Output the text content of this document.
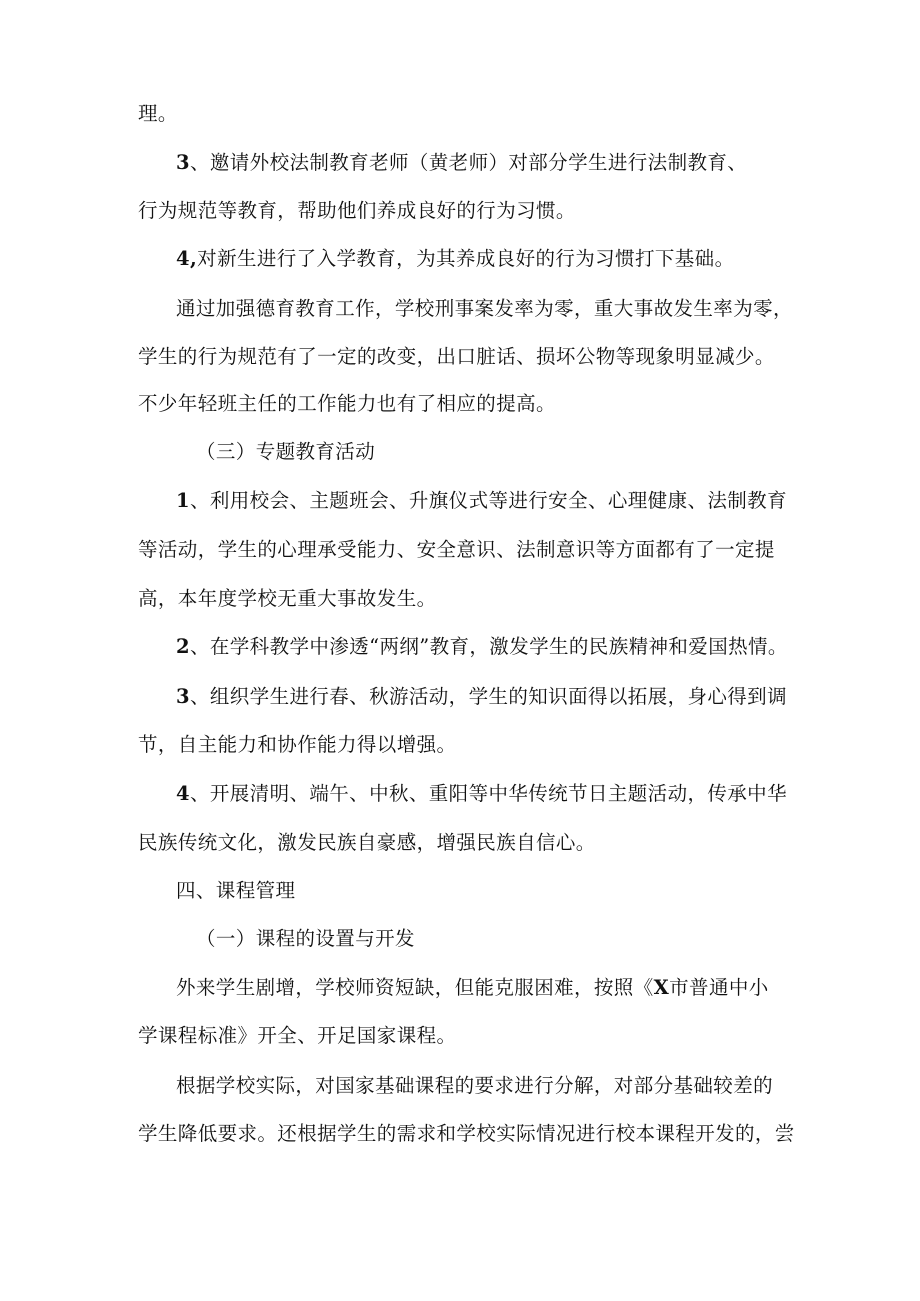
理。
3、邀请外校法制教育老师（黄老师）对部分学生进行法制教育、
行为规范等教育，帮助他们养成良好的行为习惯。
4,对新生进行了入学教育，为其养成良好的行为习惯打下基础。
通过加强德育教育工作，学校刑事案发率为零，重大事故发生率为零，
学生的行为规范有了一定的改变，出口脏话、损坏公物等现象明显减少。
不少年轻班主任的工作能力也有了相应的提高。
（三）专题教育活动
1、利用校会、主题班会、升旗仪式等进行安全、心理健康、法制教育
等活动，学生的心理承受能力、安全意识、法制意识等方面都有了一定提
高，本年度学校无重大事故发生。
2、在学科教学中渗透“两纲”教育，激发学生的民族精神和爱国热情。
3、组织学生进行春、秋游活动，学生的知识面得以拓展，身心得到调
节，自主能力和协作能力得以增强。
4、开展清明、端午、中秋、重阳等中华传统节日主题活动，传承中华
民族传统文化，激发民族自豪感，增强民族自信心。
四、课程管理
（一）课程的设置与开发
外来学生剧增，学校师资短缺，但能克服困难，按照《X市普通中小
学课程标准》开全、开足国家课程。
根据学校实际，对国家基础课程的要求进行分解，对部分基础较差的
学生降低要求。还根据学生的需求和学校实际情况进行校本课程开发的，尝
